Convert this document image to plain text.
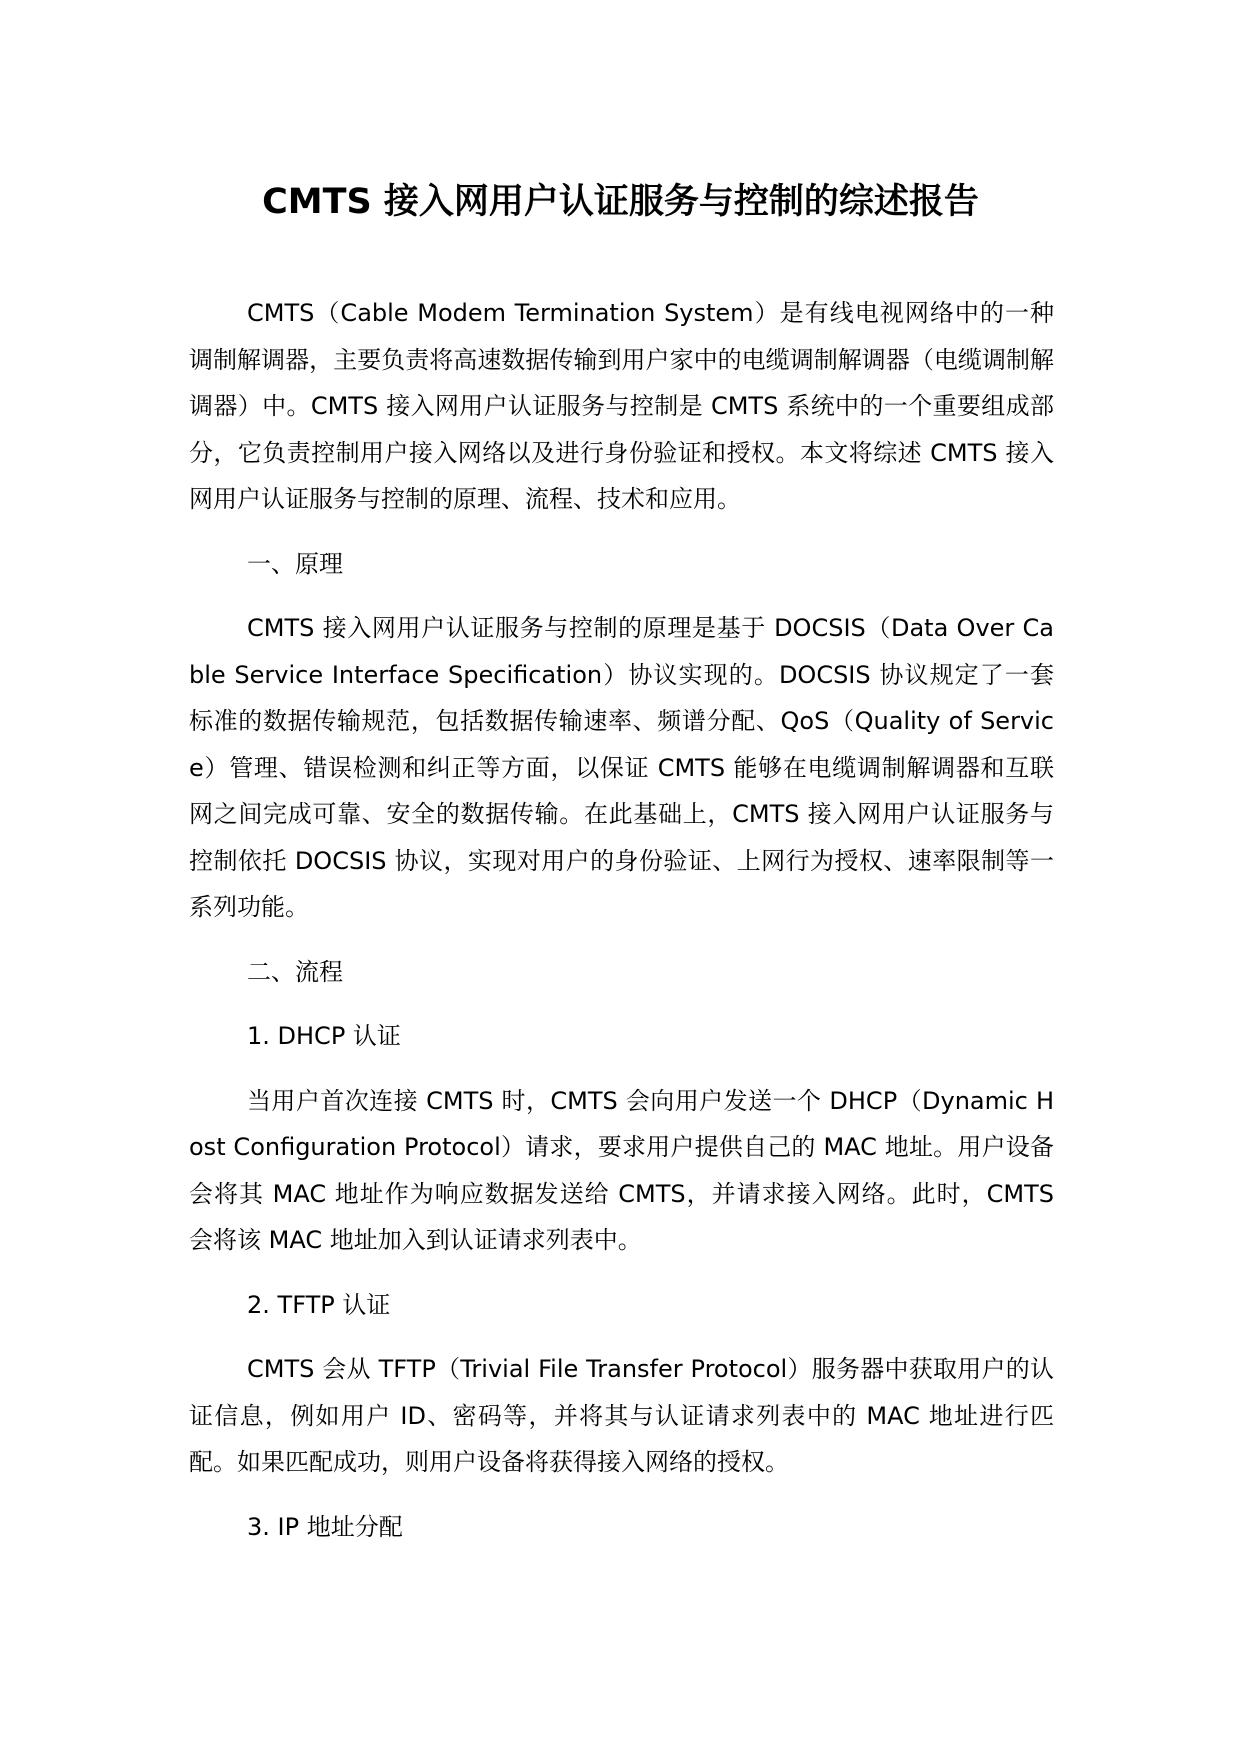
CMTS 接入网用户认证服务与控制的综述报告

CMTS（Cable Modem Termination System）是有线电视网络中的一种调制解调器，主要负责将高速数据传输到用户家中的电缆调制解调器（电缆调制解调器）中。CMTS 接入网用户认证服务与控制是 CMTS 系统中的一个重要组成部分，它负责控制用户接入网络以及进行身份验证和授权。本文将综述 CMTS 接入网用户认证服务与控制的原理、流程、技术和应用。

一、原理

CMTS 接入网用户认证服务与控制的原理是基于 DOCSIS（Data Over Cable Service Interface Specification）协议实现的。DOCSIS 协议规定了一套标准的数据传输规范，包括数据传输速率、频谱分配、QoS（Quality of Service）管理、错误检测和纠正等方面，以保证 CMTS 能够在电缆调制解调器和互联网之间完成可靠、安全的数据传输。在此基础上，CMTS 接入网用户认证服务与控制依托 DOCSIS 协议，实现对用户的身份验证、上网行为授权、速率限制等一系列功能。

二、流程

1. DHCP 认证

当用户首次连接 CMTS 时，CMTS 会向用户发送一个 DHCP（Dynamic Host Configuration Protocol）请求，要求用户提供自己的 MAC 地址。用户设备会将其 MAC 地址作为响应数据发送给 CMTS，并请求接入网络。此时，CMTS 会将该 MAC 地址加入到认证请求列表中。

2. TFTP 认证

CMTS 会从 TFTP（Trivial File Transfer Protocol）服务器中获取用户的认证信息，例如用户 ID、密码等，并将其与认证请求列表中的 MAC 地址进行匹配。如果匹配成功，则用户设备将获得接入网络的授权。

3. IP 地址分配
